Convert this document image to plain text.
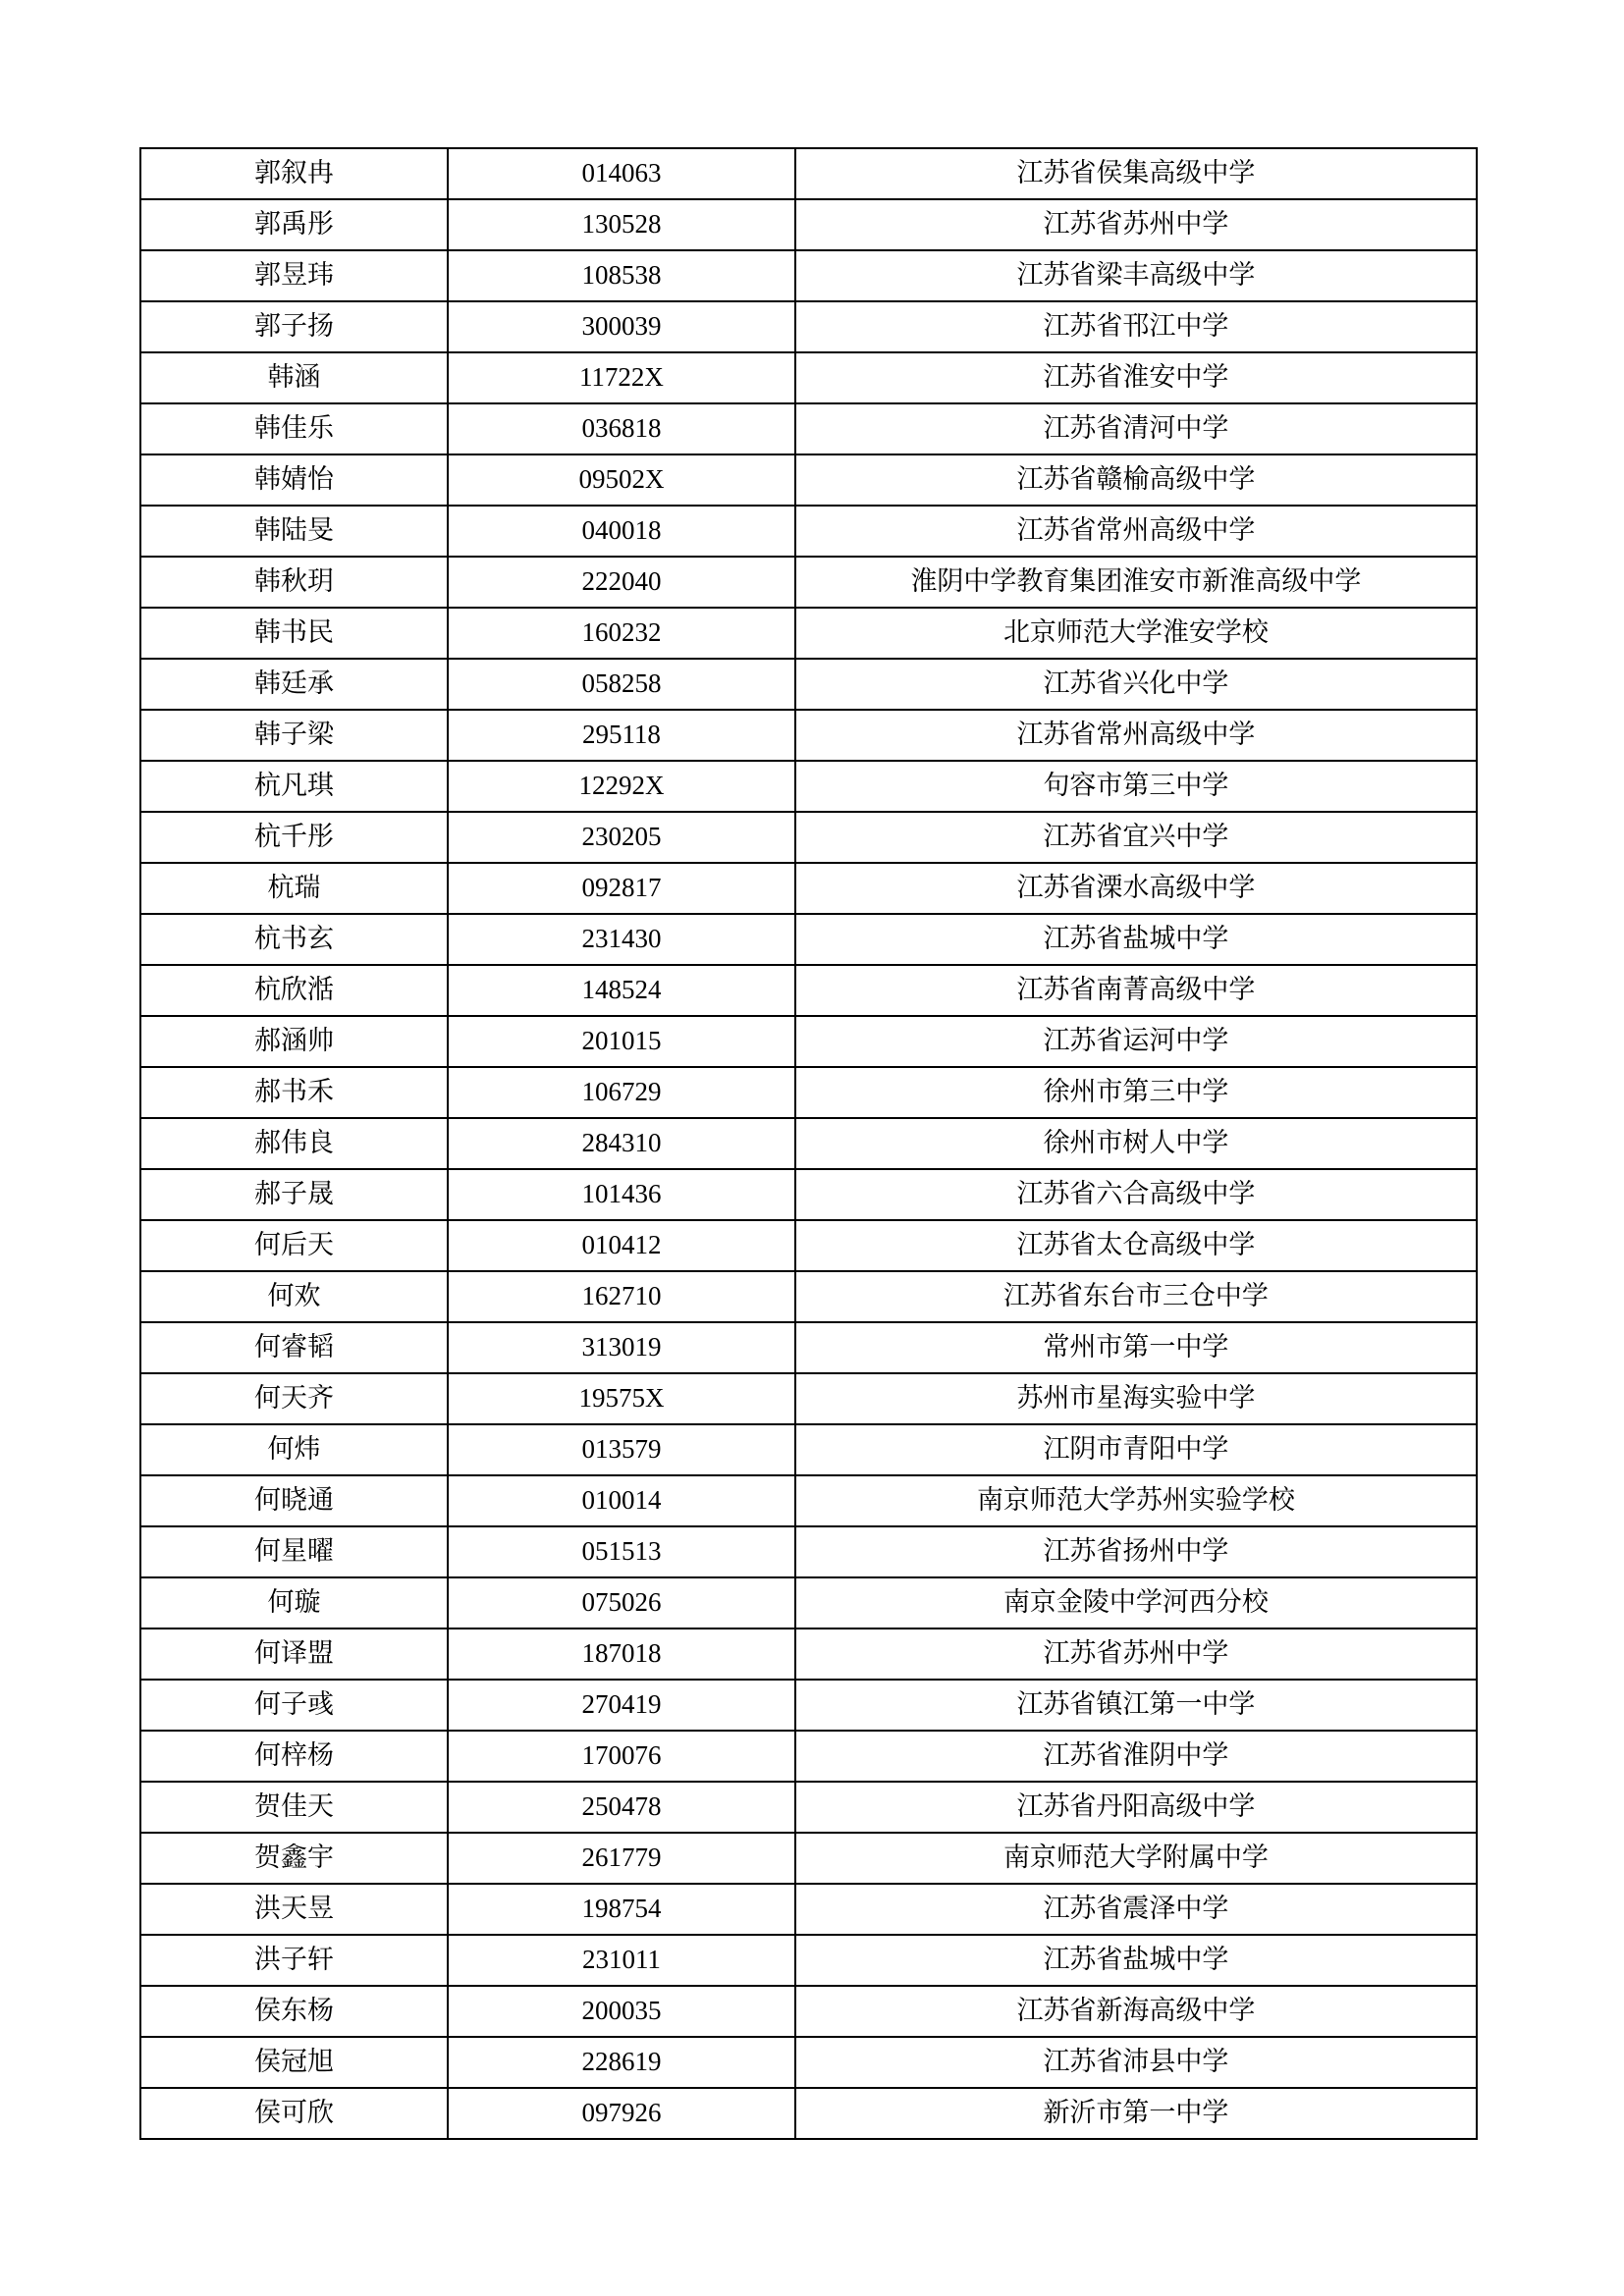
郭叙冉	014063	江苏省侯集高级中学
郭禹彤	130528	江苏省苏州中学
郭昱玮	108538	江苏省梁丰高级中学
郭子扬	300039	江苏省邗江中学
韩涵	11722X	江苏省淮安中学
韩佳乐	036818	江苏省清河中学
韩婧怡	09502X	江苏省赣榆高级中学
韩陆旻	040018	江苏省常州高级中学
韩秋玥	222040	淮阴中学教育集团淮安市新淮高级中学
韩书民	160232	北京师范大学淮安学校
韩廷承	058258	江苏省兴化中学
韩子梁	295118	江苏省常州高级中学
杭凡琪	12292X	句容市第三中学
杭千彤	230205	江苏省宜兴中学
杭瑞	092817	江苏省溧水高级中学
杭书玄	231430	江苏省盐城中学
杭欣湉	148524	江苏省南菁高级中学
郝涵帅	201015	江苏省运河中学
郝书禾	106729	徐州市第三中学
郝伟良	284310	徐州市树人中学
郝子晟	101436	江苏省六合高级中学
何后天	010412	江苏省太仓高级中学
何欢	162710	江苏省东台市三仓中学
何睿韬	313019	常州市第一中学
何天齐	19575X	苏州市星海实验中学
何炜	013579	江阴市青阳中学
何晓通	010014	南京师范大学苏州实验学校
何星曜	051513	江苏省扬州中学
何璇	075026	南京金陵中学河西分校
何译盟	187018	江苏省苏州中学
何子彧	270419	江苏省镇江第一中学
何梓杨	170076	江苏省淮阴中学
贺佳天	250478	江苏省丹阳高级中学
贺鑫宇	261779	南京师范大学附属中学
洪天昱	198754	江苏省震泽中学
洪子轩	231011	江苏省盐城中学
侯东杨	200035	江苏省新海高级中学
侯冠旭	228619	江苏省沛县中学
侯可欣	097926	新沂市第一中学
